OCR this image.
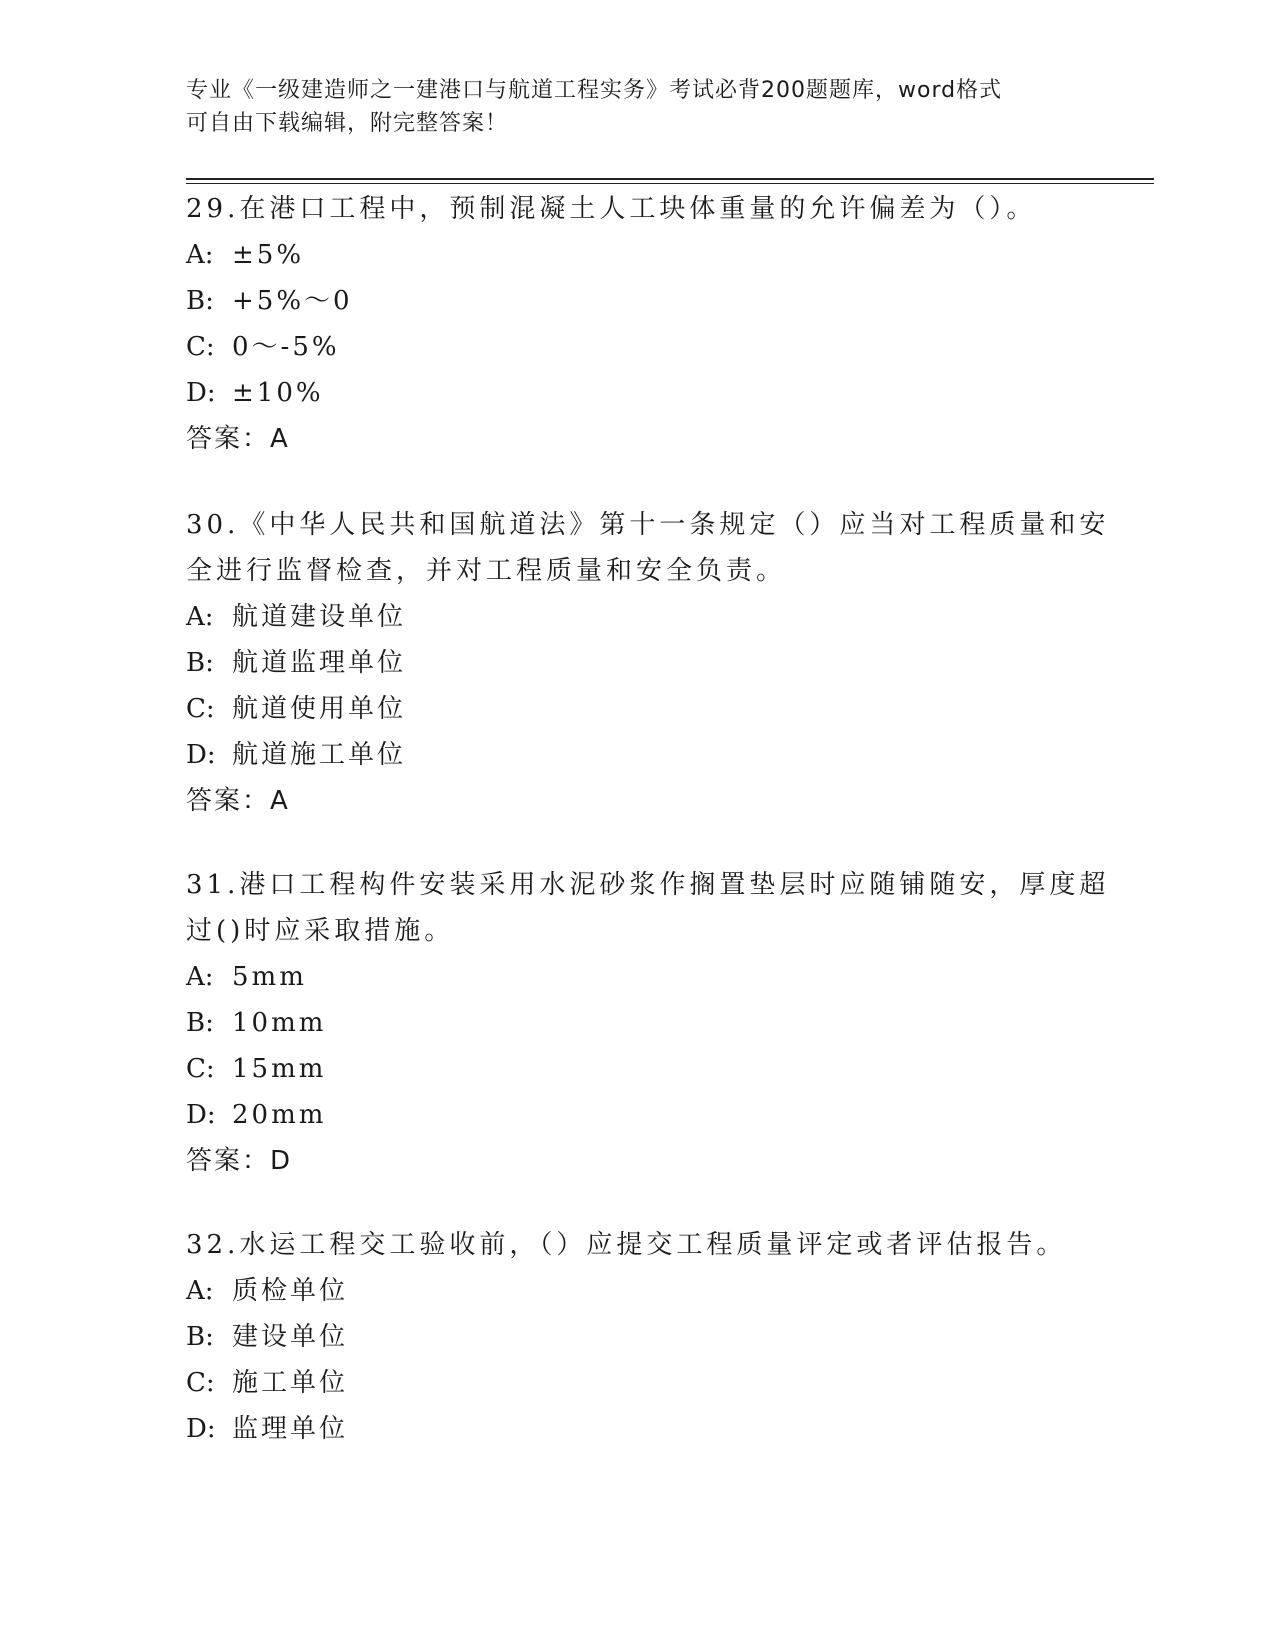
专业《一级建造师之一建港口与航道工程实务》考试必背200题题库，word格式
可自由下载编辑，附完整答案！
29.在港口工程中，预制混凝土人工块体重量的允许偏差为（）。
A: ±5%
B: +5%～0
C: 0～-5%
D: ±10%
答案：A
30.《中华人民共和国航道法》第十一条规定（）应当对工程质量和安
全进行监督检查，并对工程质量和安全负责。
A: 航道建设单位
B: 航道监理单位
C: 航道使用单位
D: 航道施工单位
答案：A
31.港口工程构件安装采用水泥砂浆作搁置垫层时应随铺随安，厚度超
过()时应采取措施。
A: 5mm
B: 10mm
C: 15mm
D: 20mm
答案：D
32.水运工程交工验收前，（）应提交工程质量评定或者评估报告。
A: 质检单位
B: 建设单位
C: 施工单位
D: 监理单位
